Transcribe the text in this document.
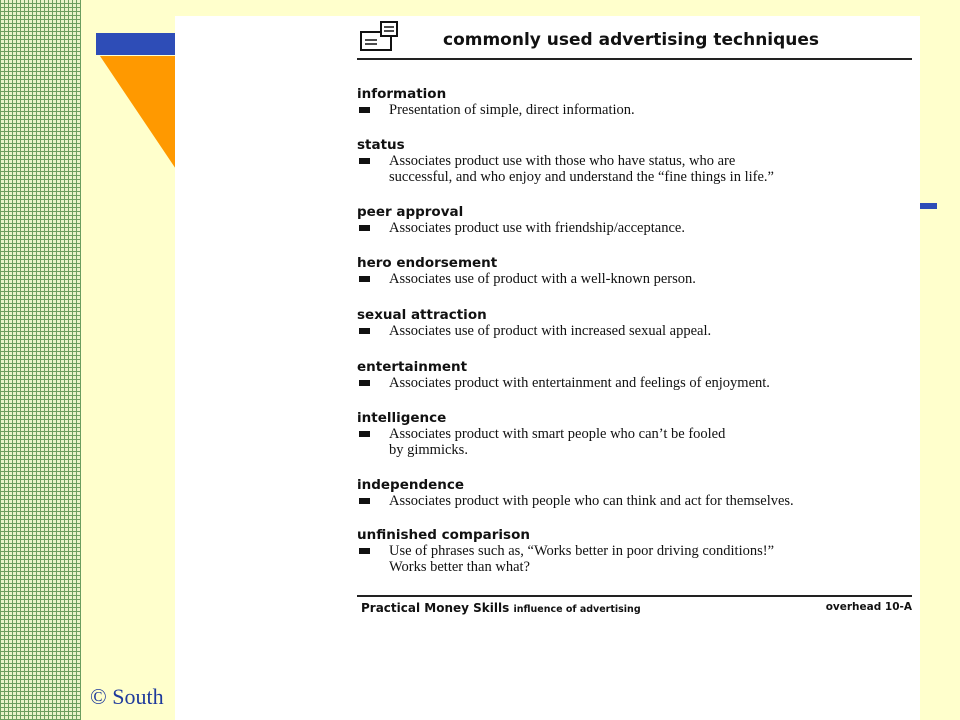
© South
commonly used advertising techniques
information
Presentation of simple, direct information.
status
Associates product use with those who have status, who are
successful, and who enjoy and understand the “fine things in life.”
peer approval
Associates product use with friendship/acceptance.
hero endorsement
Associates use of product with a well-known person.
sexual attraction
Associates use of product with increased sexual appeal.
entertainment
Associates product with entertainment and feelings of enjoyment.
intelligence
Associates product with smart people who can’t be fooled
by gimmicks.
independence
Associates product with people who can think and act for themselves.
unfinished comparison
Use of phrases such as, “Works better in poor driving conditions!”
Works better than what?
Practical Money Skills influence of advertising	overhead 10-A
